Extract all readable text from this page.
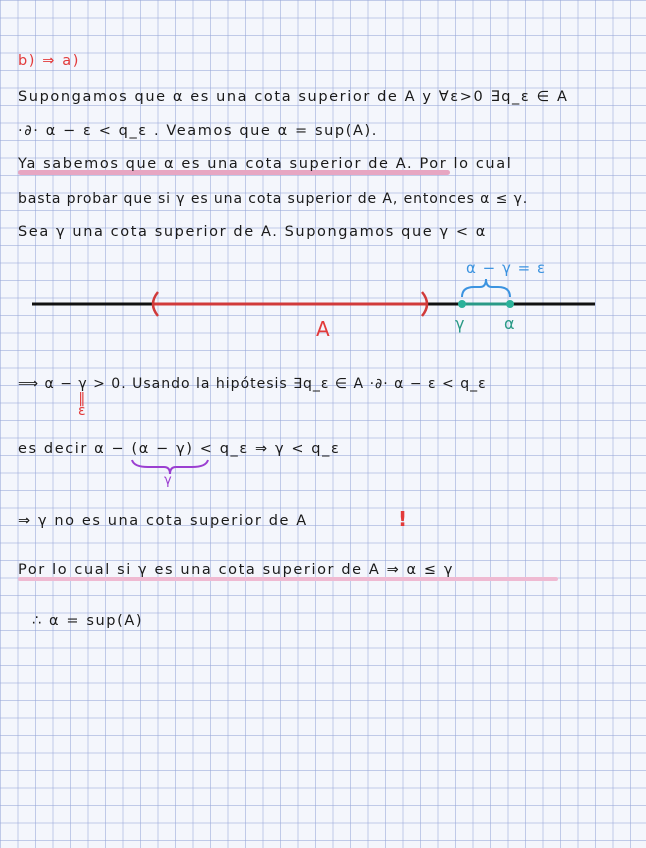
b) ⇒ a)
Supongamos que α es una cota superior de A y ∀ε>0 ∃q_ε ∈ A
·∂· α − ε < q_ε . Veamos que α = sup(A).
Ya sabemos que α es una cota superior de A. Por lo cual
basta probar que si γ es una cota superior de A, entonces α ≤ γ.
Sea γ una cota superior de A. Supongamos que γ < α
α − γ = ε
A	γ α
⟹ α − γ > 0. Usando la hipótesis ∃q_ε ∈ A ·∂· α − ε < q_ε
‖
ε
es decir α − (α − γ) < q_ε ⇒ γ < q_ε
γ
⇒ γ no es una cota superior de A	!
Por lo cual si γ es una cota superior de A ⇒ α ≤ γ
∴ α = sup(A)
